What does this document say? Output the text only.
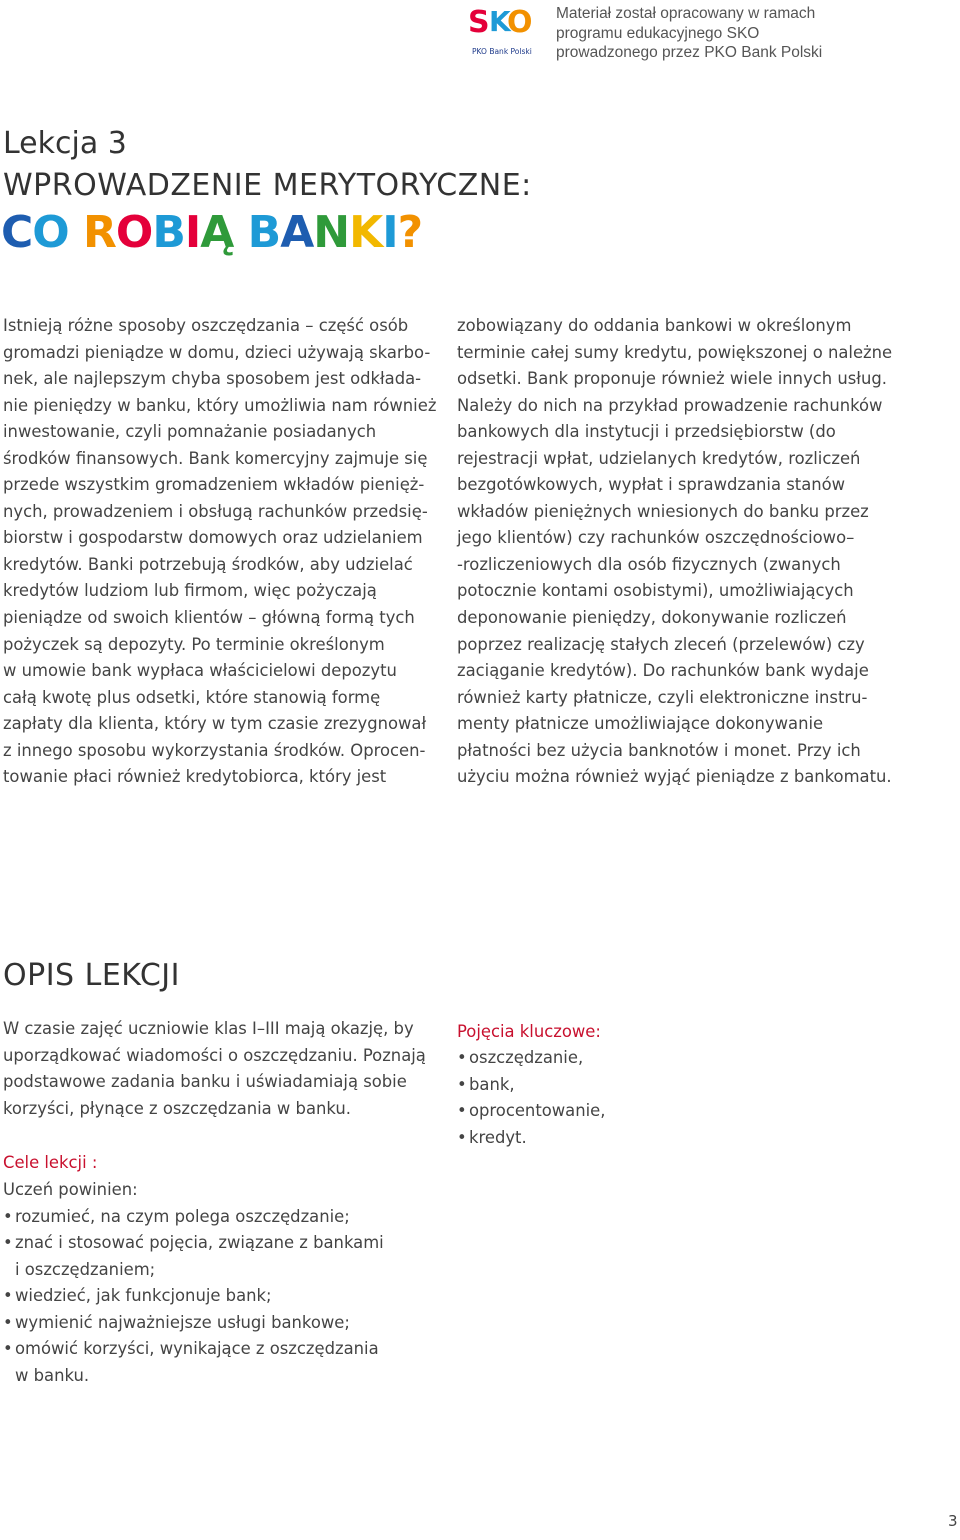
S K
O
PKO Bank Polski
Materiał został opracowany w ramach
programu edukacyjnego SKO
prowadzonego przez PKO Bank Polski
Lekcja 3
WPROWADZENIE MERYTORYCZNE:
CO ROBIĄ BANKI?
Istnieją różne sposoby oszczędzania – część osób
gromadzi pieniądze w domu, dzieci używają skarbo-
nek, ale najlepszym chyba sposobem jest odkłada-
nie pieniędzy w banku, który umożliwia nam również
inwestowanie, czyli pomnażanie posiadanych
środków finansowych. Bank komercyjny zajmuje się
przede wszystkim gromadzeniem wkładów pienięż-
nych, prowadzeniem i obsługą rachunków przedsię-
biorstw i gospodarstw domowych oraz udzielaniem
kredytów. Banki potrzebują środków, aby udzielać
kredytów ludziom lub firmom, więc pożyczają
pieniądze od swoich klientów – główną formą tych
pożyczek są depozyty. Po terminie określonym
w umowie bank wypłaca właścicielowi depozytu
całą kwotę plus odsetki, które stanowią formę
zapłaty dla klienta, który w tym czasie zrezygnował
z innego sposobu wykorzystania środków. Oprocen-
towanie płaci również kredytobiorca, który jest
zobowiązany do oddania bankowi w określonym
terminie całej sumy kredytu, powiększonej o należne
odsetki. Bank proponuje również wiele innych usług.
Należy do nich na przykład prowadzenie rachunków
bankowych dla instytucji i przedsiębiorstw (do
rejestracji wpłat, udzielanych kredytów, rozliczeń
bezgotówkowych, wypłat i sprawdzania stanów
wkładów pieniężnych wniesionych do banku przez
jego klientów) czy rachunków oszczędnościowo–
-rozliczeniowych dla osób fizycznych (zwanych
potocznie kontami osobistymi), umożliwiających
deponowanie pieniędzy, dokonywanie rozliczeń
poprzez realizację stałych zleceń (przelewów) czy
zaciąganie kredytów). Do rachunków bank wydaje
również karty płatnicze, czyli elektroniczne instru-
menty płatnicze umożliwiające dokonywanie
płatności bez użycia banknotów i monet. Przy ich
użyciu można również wyjąć pieniądze z bankomatu.
OPIS LEKCJI
W czasie zajęć uczniowie klas I–III mają okazję, by
uporządkować wiadomości o oszczędzaniu. Poznają
podstawowe zadania banku i uświadamiają sobie
korzyści, płynące z oszczędzania w banku.
Cele lekcji :
Uczeń powinien:
• rozumieć, na czym polega oszczędzanie;
• znać i stosować pojęcia, związane z bankami
i oszczędzaniem;
• wiedzieć, jak funkcjonuje bank;
• wymienić najważniejsze usługi bankowe;
• omówić korzyści, wynikające z oszczędzania
w banku.
Pojęcia kluczowe:
• oszczędzanie,
• bank,
• oprocentowanie,
• kredyt.
3
